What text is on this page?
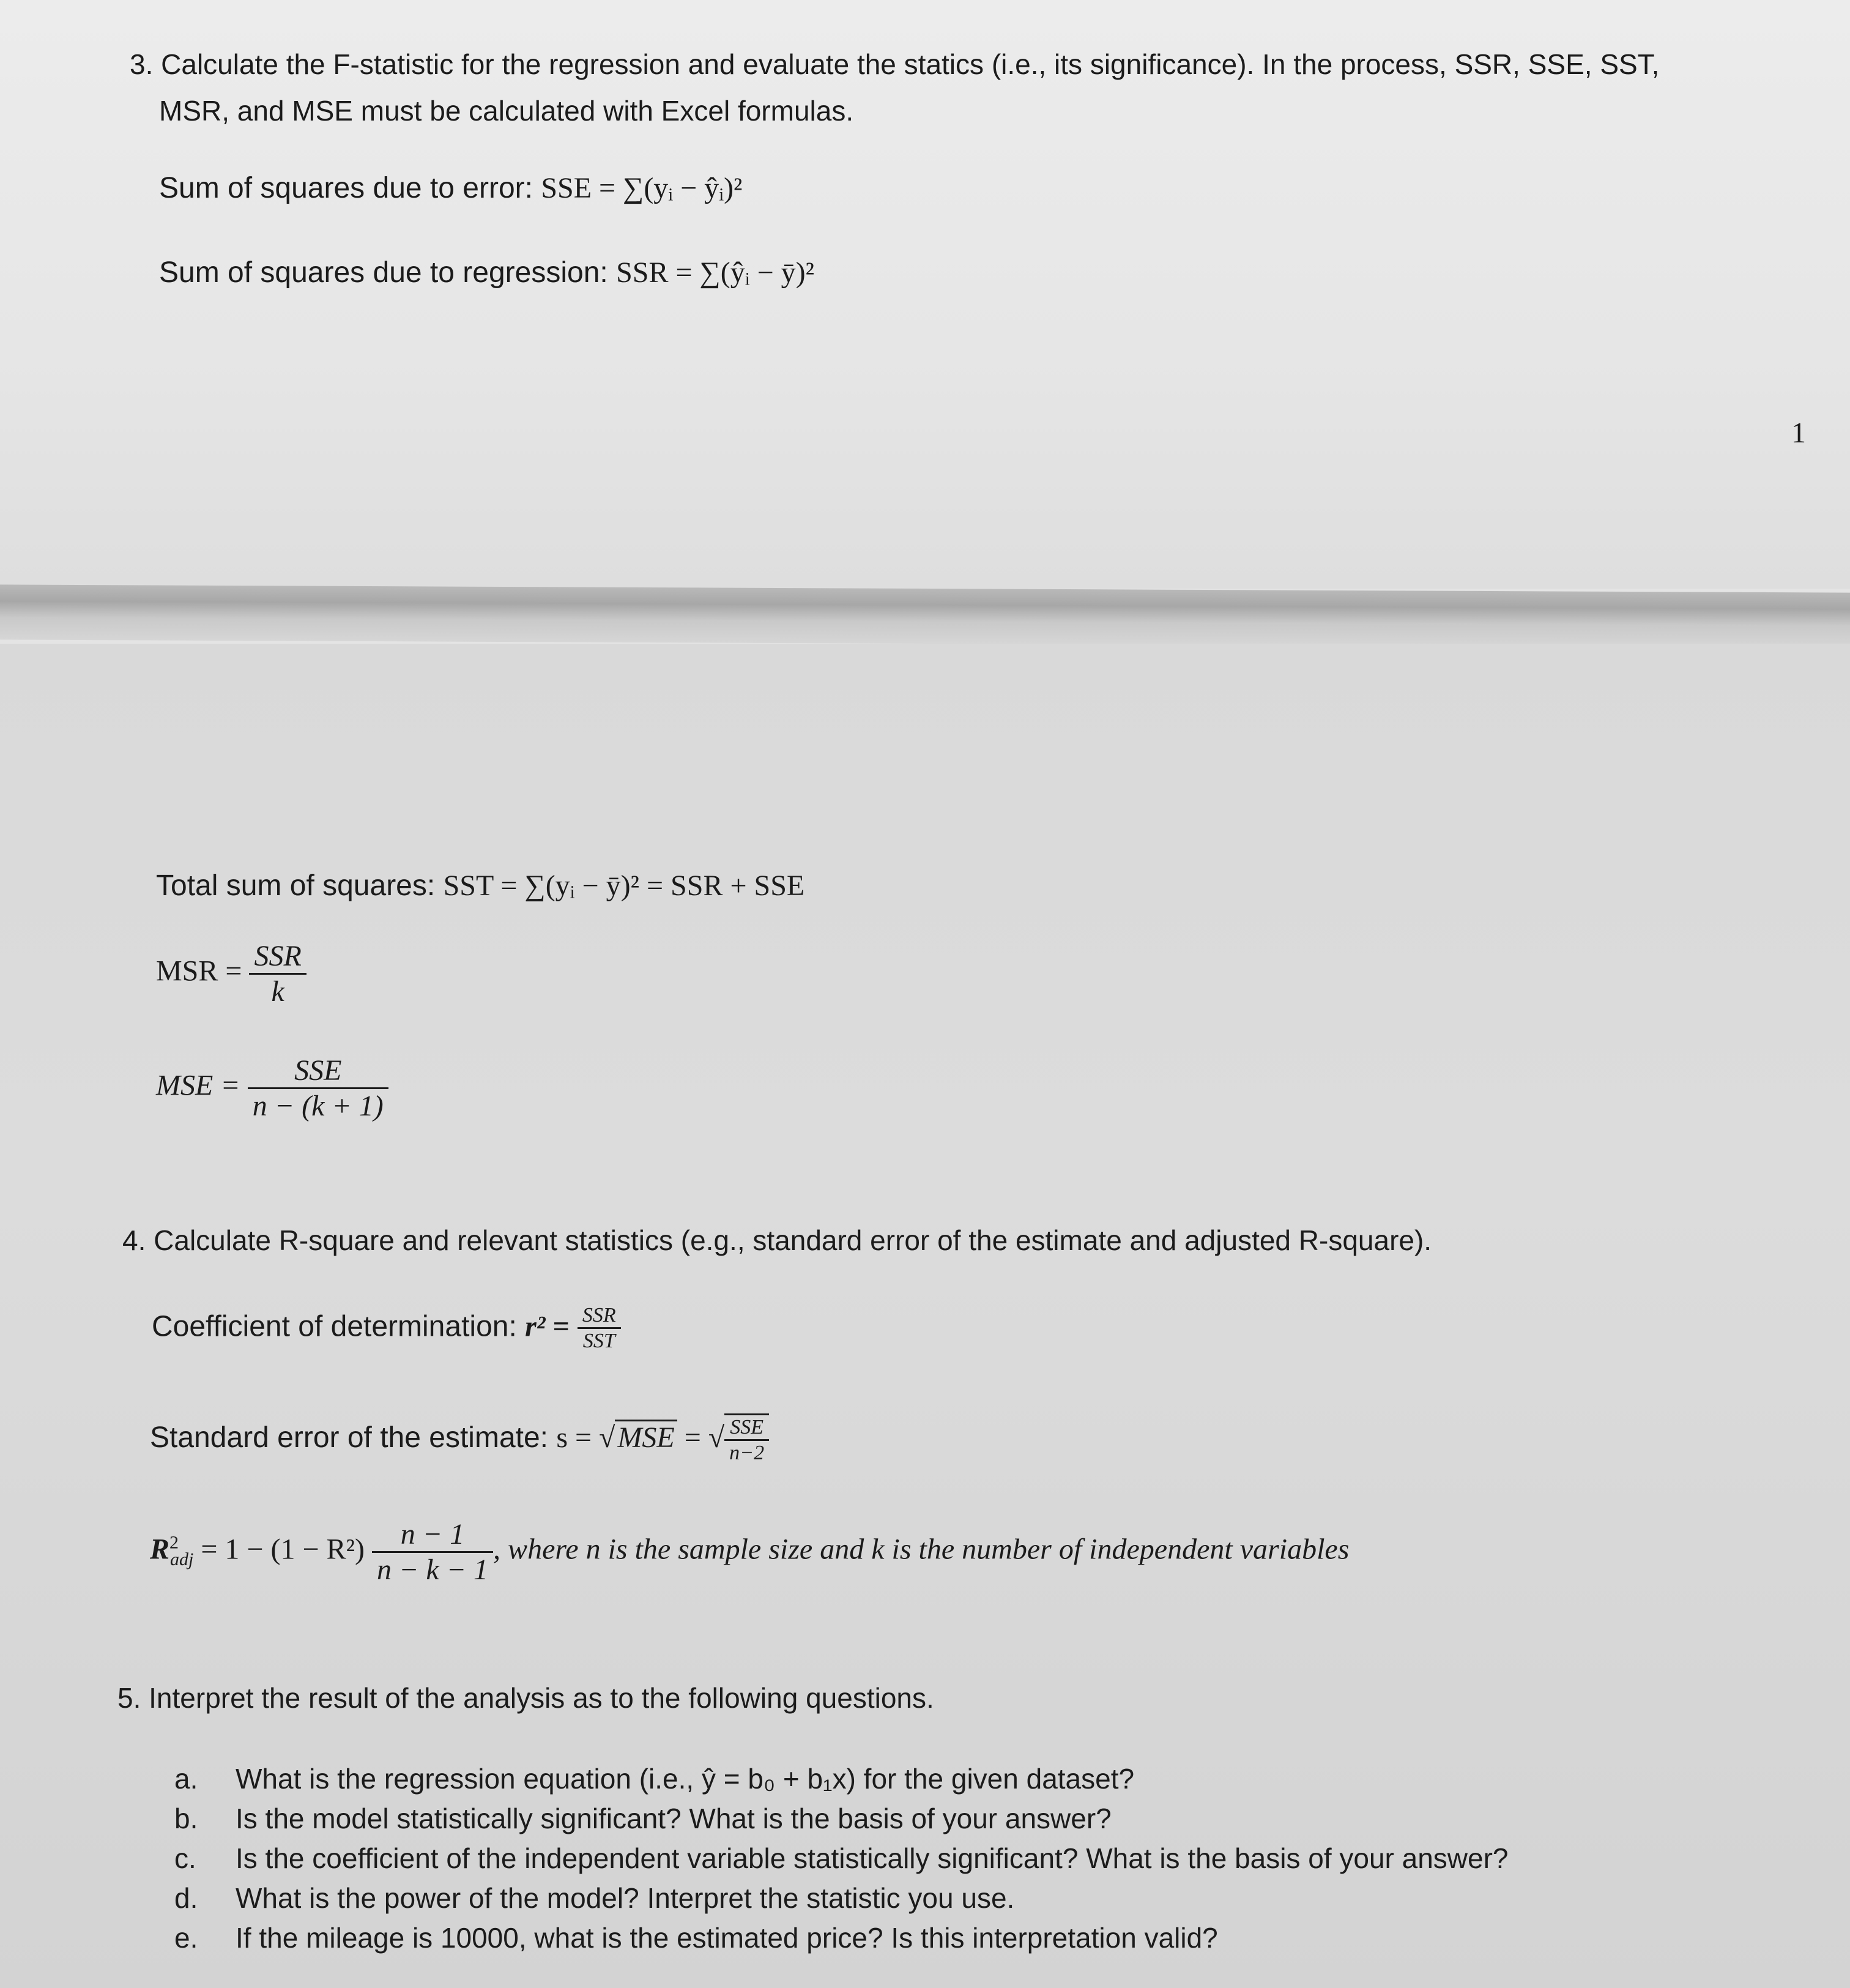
3. Calculate the F-statistic for the regression and evaluate the statics (i.e., its significance). In the process, SSR, SSE, SST,
MSR, and MSE must be calculated with Excel formulas.
Sum of squares due to error: SSE = ∑(yᵢ − ŷᵢ)²
Sum of squares due to regression: SSR = ∑(ŷᵢ − ȳ)²
1
Total sum of squares: SST = ∑(yᵢ − ȳ)² = SSR + SSE
MSR = $\frac{\text{SSR}}{k}$
MSE = $\frac{\text{SSE}}{n - (k + 1)}$
4. Calculate R-square and relevant statistics (e.g., standard error of the estimate and adjusted R-square).
Coefficient of determination: $r^2 = \frac{\text{SSR}}{\text{SST}}$
Standard error of the estimate: s = √MSE = √ $\frac{\text{SSE}}{n-2}$
$R^2_{adj} = 1 - (1 - R^2) \frac{n - 1}{n - k - 1}$ , where n is the sample size and k is the number of independent variables
5. Interpret the result of the analysis as to the following questions.
a. What is the regression equation (i.e., ŷ = b₀ + b₁x) for the given dataset?
b. Is the model statistically significant? What is the basis of your answer?
c. Is the coefficient of the independent variable statistically significant? What is the basis of your answer?
d. What is the power of the model? Interpret the statistic you use.
e. If the mileage is 10000, what is the estimated price? Is this interpretation valid?
